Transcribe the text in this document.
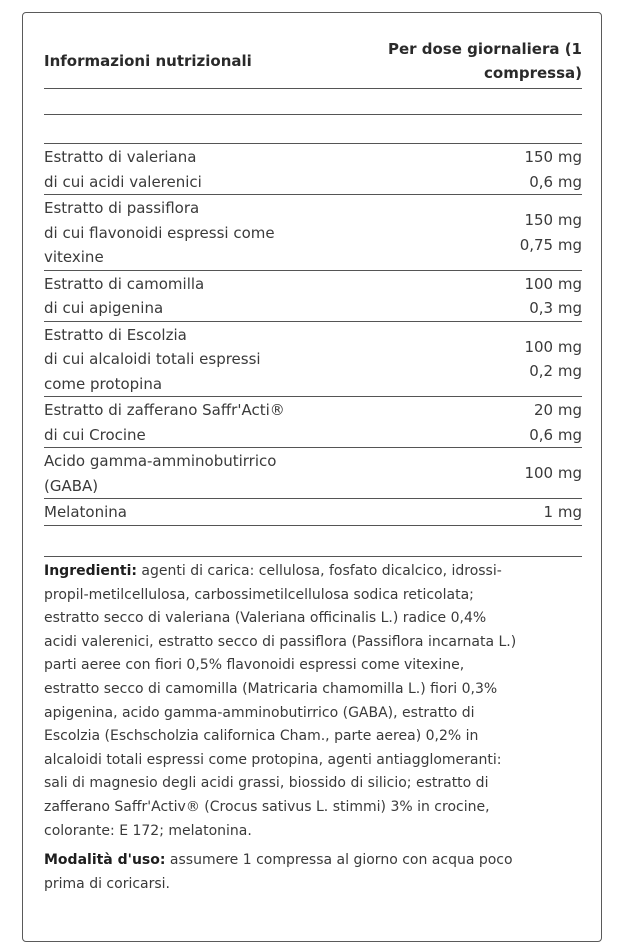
Informazioni nutrizionali
Per dose giornaliera (1
compressa)
Estratto di valeriana
di cui acidi valerenici
150 mg
0,6 mg
Estratto di passiflora
di cui flavonoidi espressi come
vitexine
150 mg
0,75 mg
Estratto di camomilla
di cui apigenina
100 mg
0,3 mg
Estratto di Escolzia
di cui alcaloidi totali espressi
come protopina
100 mg
0,2 mg
Estratto di zafferano Saffr'Acti®
di cui Crocine
20 mg
0,6 mg
Acido gamma-amminobutirrico
(GABA)
100 mg
Melatonina	1 mg

Ingredienti: agenti di carica: cellulosa, fosfato dicalcico, idrossi-
propil-metilcellulosa, carbossimetilcellulosa sodica reticolata;
estratto secco di valeriana (Valeriana officinalis L.) radice 0,4%
acidi valerenici, estratto secco di passiflora (Passiflora incarnata L.)
parti aeree con fiori 0,5% flavonoidi espressi come vitexine,
estratto secco di camomilla (Matricaria chamomilla L.) fiori 0,3%
apigenina, acido gamma-amminobutirrico (GABA), estratto di
Escolzia (Eschscholzia californica Cham., parte aerea) 0,2% in
alcaloidi totali espressi come protopina, agenti antiagglomeranti:
sali di magnesio degli acidi grassi, biossido di silicio; estratto di
zafferano Saffr'Activ® (Crocus sativus L. stimmi) 3% in crocine,
colorante: E 172; melatonina.

Modalità d'uso: assumere 1 compressa al giorno con acqua poco
prima di coricarsi.
